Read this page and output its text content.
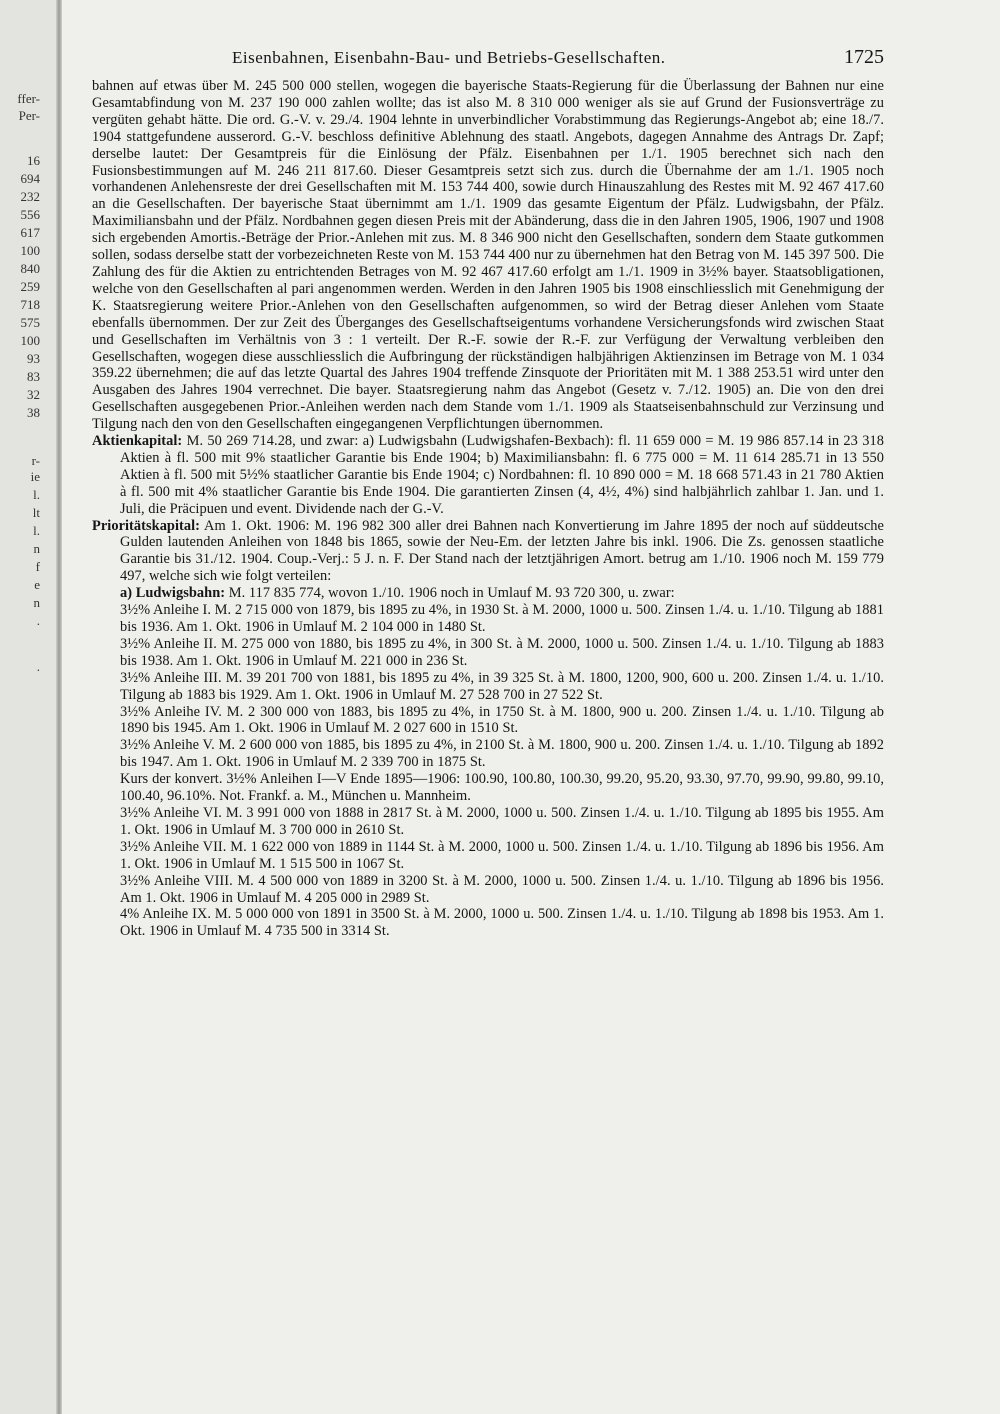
ffer-
Per-
16
694
232
556
617
100
840
259
718
575
100
93
83
32
38
r-
ie
l.
lt
l.
n
f
e
n
.
.
Eisenbahnen, Eisenbahn-Bau- und Betriebs-Gesellschaften.	1725

bahnen auf etwas über M. 245 500 000 stellen, wogegen die bayerische Staats-Regierung für die Überlassung der Bahnen nur eine Gesamtabfindung von M. 237 190 000 zahlen wollte; das ist also M. 8 310 000 weniger als sie auf Grund der Fusionsverträge zu vergüten gehabt hätte. Die ord. G.-V. v. 29./4. 1904 lehnte in unverbindlicher Vorabstimmung das Regierungs-Angebot ab; eine 18./7. 1904 stattgefundene ausserord. G.-V. beschloss definitive Ablehnung des staatl. Angebots, dagegen Annahme des Antrags Dr. Zapf; derselbe lautet: Der Gesamtpreis für die Einlösung der Pfälz. Eisenbahnen per 1./1. 1905 berechnet sich nach den Fusionsbestimmungen auf M. 246 211 817.60. Dieser Gesamtpreis setzt sich zus. durch die Übernahme der am 1./1. 1905 noch vorhandenen Anlehensreste der drei Gesellschaften mit M. 153 744 400, sowie durch Hinauszahlung des Restes mit M. 92 467 417.60 an die Gesellschaften. Der bayerische Staat übernimmt am 1./1. 1909 das gesamte Eigentum der Pfälz. Ludwigsbahn, der Pfälz. Maximiliansbahn und der Pfälz. Nordbahnen gegen diesen Preis mit der Abänderung, dass die in den Jahren 1905, 1906, 1907 und 1908 sich ergebenden Amortis.-Beträge der Prior.-Anlehen mit zus. M. 8 346 900 nicht den Gesellschaften, sondern dem Staate gutkommen sollen, sodass derselbe statt der vorbezeichneten Reste von M. 153 744 400 nur zu übernehmen hat den Betrag von M. 145 397 500. Die Zahlung des für die Aktien zu entrichtenden Betrages von M. 92 467 417.60 erfolgt am 1./1. 1909 in 3½% bayer. Staatsobligationen, welche von den Gesellschaften al pari angenommen werden. Werden in den Jahren 1905 bis 1908 einschliesslich mit Genehmigung der K. Staatsregierung weitere Prior.-Anlehen von den Gesellschaften aufgenommen, so wird der Betrag dieser Anlehen vom Staate ebenfalls übernommen. Der zur Zeit des Überganges des Gesellschaftseigentums vorhandene Versicherungsfonds wird zwischen Staat und Gesellschaften im Verhältnis von 3 : 1 verteilt. Der R.-F. sowie der R.-F. zur Verfügung der Verwaltung verbleiben den Gesellschaften, wogegen diese ausschliesslich die Aufbringung der rückständigen halbjährigen Aktienzinsen im Betrage von M. 1 034 359.22 übernehmen; die auf das letzte Quartal des Jahres 1904 treffende Zinsquote der Prioritäten mit M. 1 388 253.51 wird unter den Ausgaben des Jahres 1904 verrechnet. Die bayer. Staatsregierung nahm das Angebot (Gesetz v. 7./12. 1905) an. Die von den drei Gesellschaften ausgegebenen Prior.-Anleihen werden nach dem Stande vom 1./1. 1909 als Staatseisenbahnschuld zur Verzinsung und Tilgung nach den von den Gesellschaften eingegangenen Verpflichtungen übernommen.

Aktienkapital: M. 50 269 714.28, und zwar: a) Ludwigsbahn (Ludwigshafen-Bexbach): fl. 11 659 000 = M. 19 986 857.14 in 23 318 Aktien à fl. 500 mit 9% staatlicher Garantie bis Ende 1904; b) Maximiliansbahn: fl. 6 775 000 = M. 11 614 285.71 in 13 550 Aktien à fl. 500 mit 5½% staatlicher Garantie bis Ende 1904; c) Nordbahnen: fl. 10 890 000 = M. 18 668 571.43 in 21 780 Aktien à fl. 500 mit 4% staatlicher Garantie bis Ende 1904. Die garantierten Zinsen (4, 4½, 4%) sind halbjährlich zahlbar 1. Jan. und 1. Juli, die Präcipuen und event. Dividende nach der G.-V.

Prioritätskapital: Am 1. Okt. 1906: M. 196 982 300 aller drei Bahnen nach Konvertierung im Jahre 1895 der noch auf süddeutsche Gulden lautenden Anleihen von 1848 bis 1865, sowie der Neu-Em. der letzten Jahre bis inkl. 1906. Die Zs. genossen staatliche Garantie bis 31./12. 1904. Coup.-Verj.: 5 J. n. F. Der Stand nach der letztjährigen Amort. betrug am 1./10. 1906 noch M. 159 779 497, welche sich wie folgt verteilen:

a) Ludwigsbahn: M. 117 835 774, wovon 1./10. 1906 noch in Umlauf M. 93 720 300, u. zwar:

3½% Anleihe I. M. 2 715 000 von 1879, bis 1895 zu 4%, in 1930 St. à M. 2000, 1000 u. 500. Zinsen 1./4. u. 1./10. Tilgung ab 1881 bis 1936. Am 1. Okt. 1906 in Umlauf M. 2 104 000 in 1480 St.

3½% Anleihe II. M. 275 000 von 1880, bis 1895 zu 4%, in 300 St. à M. 2000, 1000 u. 500. Zinsen 1./4. u. 1./10. Tilgung ab 1883 bis 1938. Am 1. Okt. 1906 in Umlauf M. 221 000 in 236 St.

3½% Anleihe III. M. 39 201 700 von 1881, bis 1895 zu 4%, in 39 325 St. à M. 1800, 1200, 900, 600 u. 200. Zinsen 1./4. u. 1./10. Tilgung ab 1883 bis 1929. Am 1. Okt. 1906 in Umlauf M. 27 528 700 in 27 522 St.

3½% Anleihe IV. M. 2 300 000 von 1883, bis 1895 zu 4%, in 1750 St. à M. 1800, 900 u. 200. Zinsen 1./4. u. 1./10. Tilgung ab 1890 bis 1945. Am 1. Okt. 1906 in Umlauf M. 2 027 600 in 1510 St.

3½% Anleihe V. M. 2 600 000 von 1885, bis 1895 zu 4%, in 2100 St. à M. 1800, 900 u. 200. Zinsen 1./4. u. 1./10. Tilgung ab 1892 bis 1947. Am 1. Okt. 1906 in Umlauf M. 2 339 700 in 1875 St.

Kurs der konvert. 3½% Anleihen I—V Ende 1895—1906: 100.90, 100.80, 100.30, 99.20, 95.20, 93.30, 97.70, 99.90, 99.80, 99.10, 100.40, 96.10%. Not. Frankf. a. M., München u. Mannheim.

3½% Anleihe VI. M. 3 991 000 von 1888 in 2817 St. à M. 2000, 1000 u. 500. Zinsen 1./4. u. 1./10. Tilgung ab 1895 bis 1955. Am 1. Okt. 1906 in Umlauf M. 3 700 000 in 2610 St.

3½% Anleihe VII. M. 1 622 000 von 1889 in 1144 St. à M. 2000, 1000 u. 500. Zinsen 1./4. u. 1./10. Tilgung ab 1896 bis 1956. Am 1. Okt. 1906 in Umlauf M. 1 515 500 in 1067 St.

3½% Anleihe VIII. M. 4 500 000 von 1889 in 3200 St. à M. 2000, 1000 u. 500. Zinsen 1./4. u. 1./10. Tilgung ab 1896 bis 1956. Am 1. Okt. 1906 in Umlauf M. 4 205 000 in 2989 St.

4% Anleihe IX. M. 5 000 000 von 1891 in 3500 St. à M. 2000, 1000 u. 500. Zinsen 1./4. u. 1./10. Tilgung ab 1898 bis 1953. Am 1. Okt. 1906 in Umlauf M. 4 735 500 in 3314 St.
